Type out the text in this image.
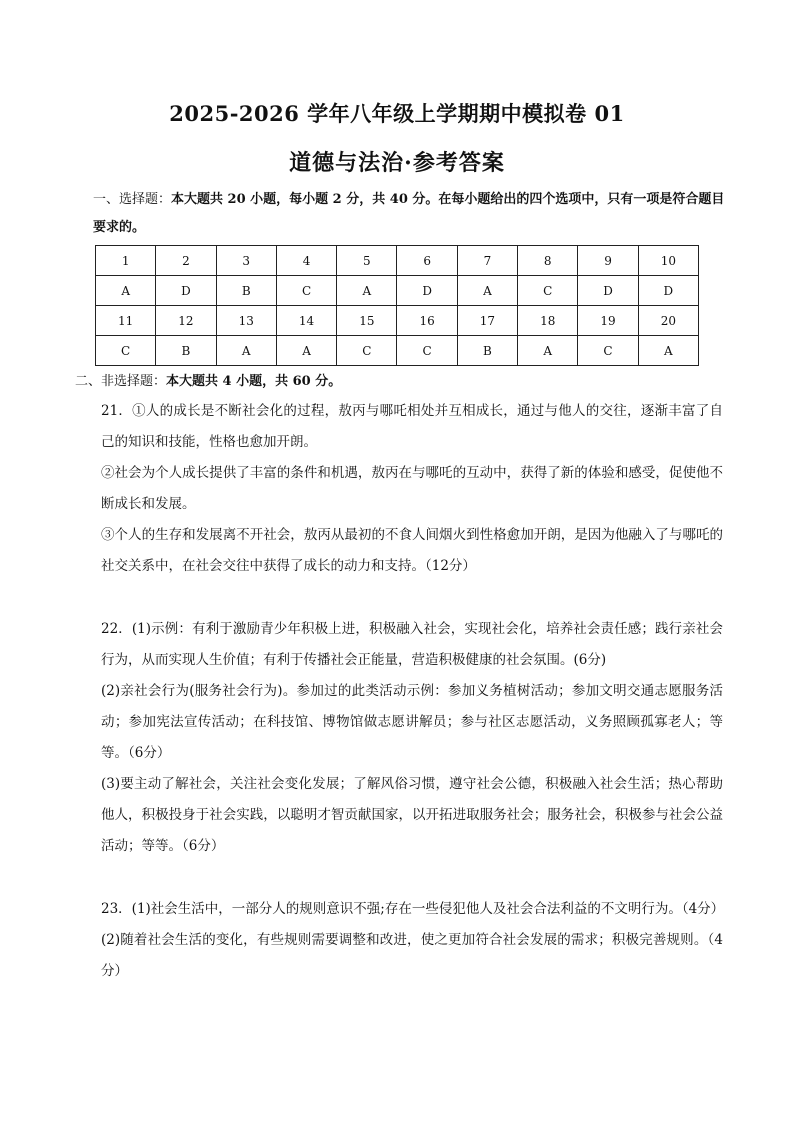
2025-2026 学年八年级上学期期中模拟卷 01
道德与法治·参考答案
一、选择题：本大题共 20 小题，每小题 2 分，共 40 分。在每小题给出的四个选项中，只有一项是符合题目要求的。
1	2	3	4	5	6	7	8	9	10
A	D	B	C	A	D	A	C	D	D
11	12	13	14	15	16	17	18	19	20
C	B	A	A	C	C	B	A	C	A
二、非选择题：本大题共 4 小题，共 60 分。

21．①人的成长是不断社会化的过程，敖丙与哪吒相处并互相成长，通过与他人的交往，逐渐丰富了自己的知识和技能，性格也愈加开朗。

②社会为个人成长提供了丰富的条件和机遇，敖丙在与哪吒的互动中，获得了新的体验和感受，促使他不断成长和发展。

③个人的生存和发展离不开社会，敖丙从最初的不食人间烟火到性格愈加开朗，是因为他融入了与哪吒的社交关系中，在社会交往中获得了成长的动力和支持。（12分）

22．(1)示例：有利于激励青少年积极上进，积极融入社会，实现社会化，培养社会责任感；践行亲社会行为，从而实现人生价值；有利于传播社会正能量，营造积极健康的社会氛围。(6分)

(2)亲社会行为(服务社会行为)。参加过的此类活动示例：参加义务植树活动；参加文明交通志愿服务活动；参加宪法宣传活动；在科技馆、博物馆做志愿讲解员；参与社区志愿活动，义务照顾孤寡老人；等等。（6分）

(3)要主动了解社会，关注社会变化发展；了解风俗习惯，遵守社会公德，积极融入社会生活；热心帮助他人，积极投身于社会实践，以聪明才智贡献国家，以开拓进取服务社会；服务社会，积极参与社会公益活动；等等。（6分）

23．(1)社会生活中，一部分人的规则意识不强;存在一些侵犯他人及社会合法利益的不文明行为。（4分）

(2)随着社会生活的变化，有些规则需要调整和改进，使之更加符合社会发展的需求；积极完善规则。（4分）
